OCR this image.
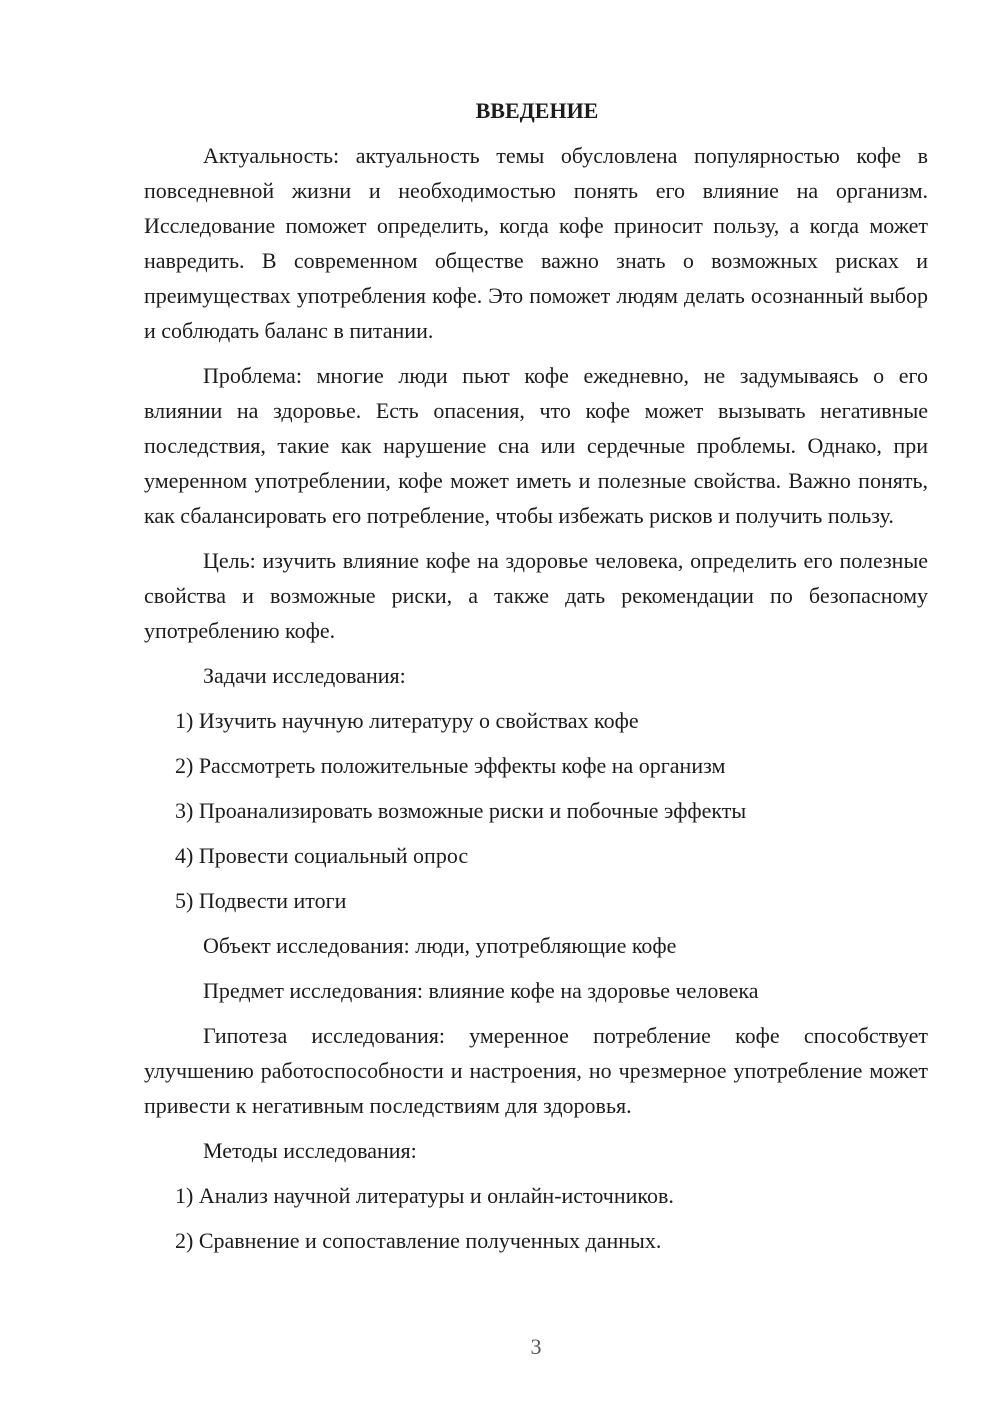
ВВЕДЕНИЕ

Актуальность: актуальность темы обусловлена популярностью кофе в повседневной жизни и необходимостью понять его влияние на организм. Исследование поможет определить, когда кофе приносит пользу, а когда может навредить. В современном обществе важно знать о возможных рисках и преимуществах употребления кофе. Это поможет людям делать осознанный выбор и соблюдать баланс в питании.

Проблема: многие люди пьют кофе ежедневно, не задумываясь о его влиянии на здоровье. Есть опасения, что кофе может вызывать негативные последствия, такие как нарушение сна или сердечные проблемы. Однако, при умеренном употреблении, кофе может иметь и полезные свойства. Важно понять, как сбалансировать его потребление, чтобы избежать рисков и получить пользу.

Цель: изучить влияние кофе на здоровье человека, определить его полезные свойства и возможные риски, а также дать рекомендации по безопасному употреблению кофе.

Задачи исследования:
1) Изучить научную литературу о свойствах кофе
2) Рассмотреть положительные эффекты кофе на организм
3) Проанализировать возможные риски и побочные эффекты
4) Провести социальный опрос
5) Подвести итоги
Объект исследования: люди, употребляющие кофе
Предмет исследования: влияние кофе на здоровье человека

Гипотеза исследования: умеренное потребление кофе способствует улучшению работоспособности и настроения, но чрезмерное употребление может привести к негативным последствиям для здоровья.

Методы исследования:
1) Анализ научной литературы и онлайн-источников.
2) Сравнение и сопоставление полученных данных.
3
